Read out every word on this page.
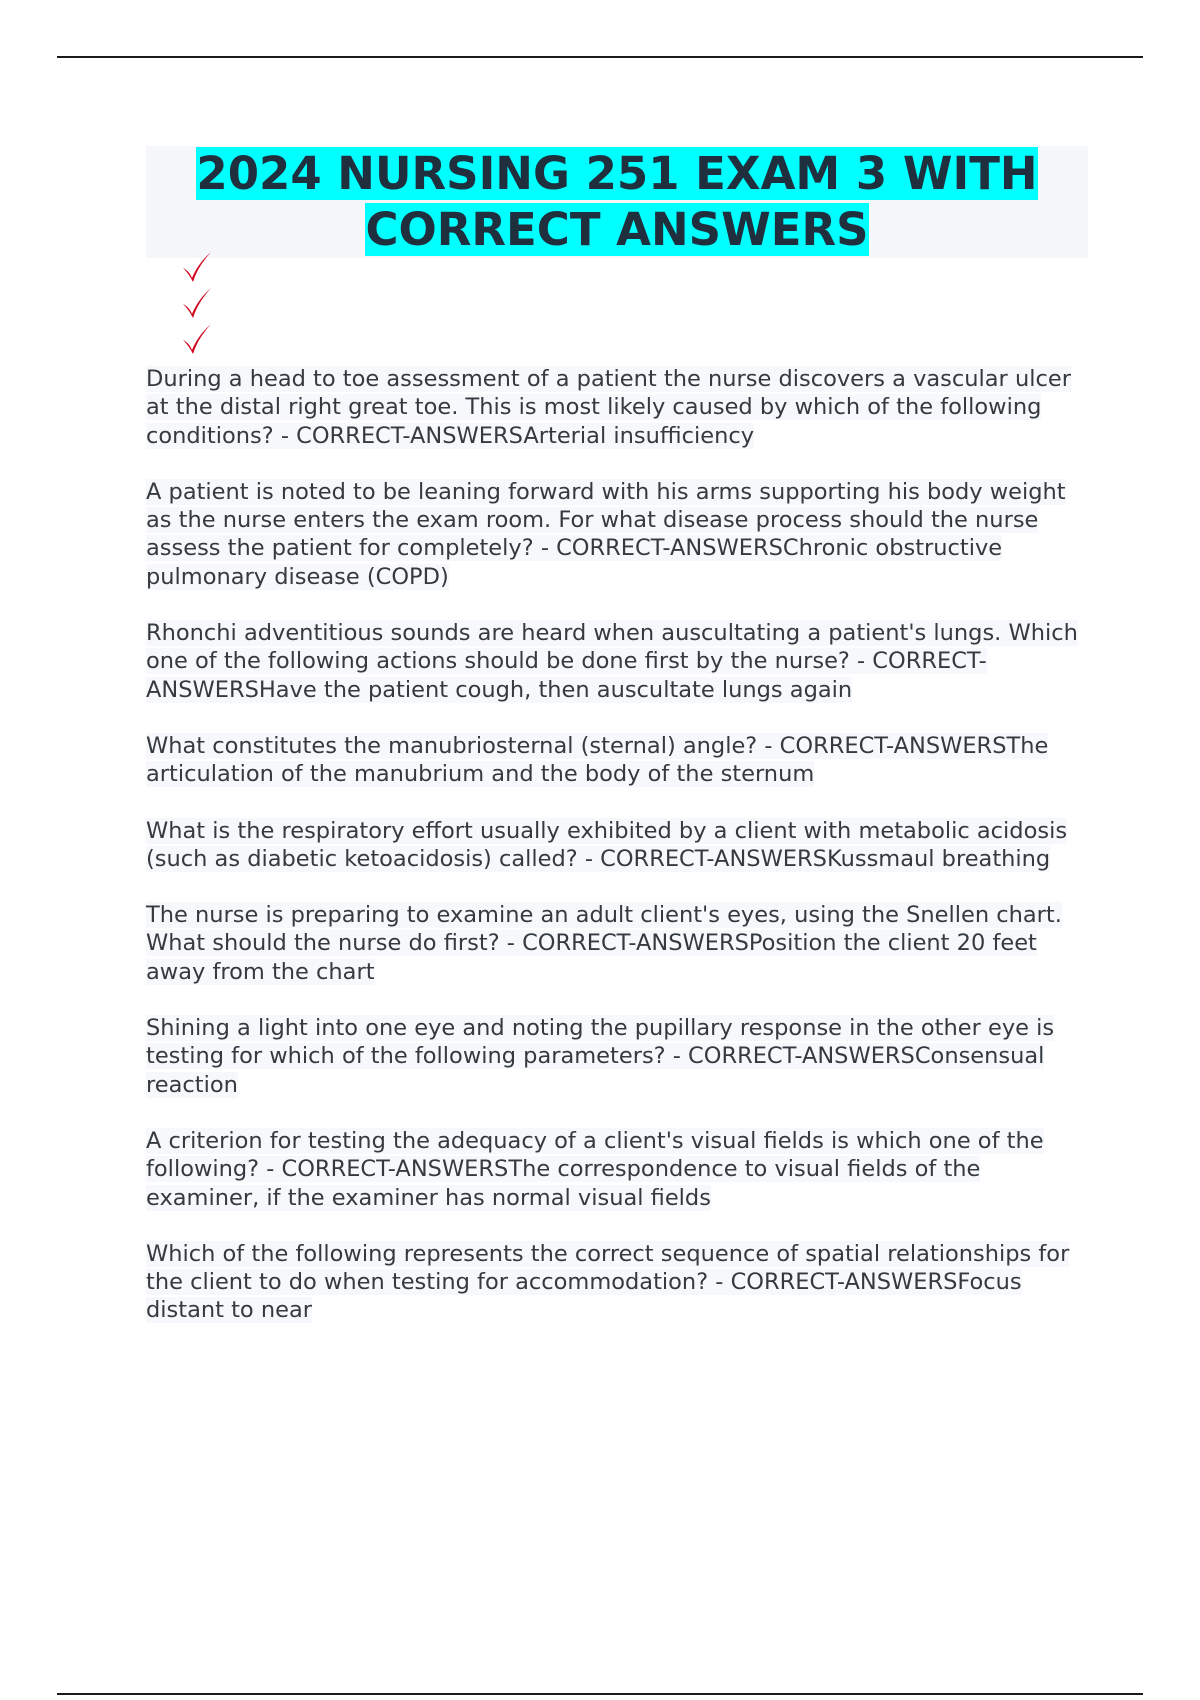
2024 NURSING 251 EXAM 3 WITH
CORRECT ANSWERS

During a head to toe assessment of a patient the nurse discovers a vascular ulcer at the distal right great toe. This is most likely caused by which of the following conditions? - CORRECT-ANSWERSArterial insufficiency

A patient is noted to be leaning forward with his arms supporting his body weight as the nurse enters the exam room. For what disease process should the nurse assess the patient for completely? - CORRECT-ANSWERSChronic obstructive pulmonary disease (COPD)

Rhonchi adventitious sounds are heard when auscultating a patient's lungs. Which one of the following actions should be done first by the nurse? - CORRECT-ANSWERSHave the patient cough, then auscultate lungs again

What constitutes the manubriosternal (sternal) angle? - CORRECT-ANSWERSThe articulation of the manubrium and the body of the sternum

What is the respiratory effort usually exhibited by a client with metabolic acidosis (such as diabetic ketoacidosis) called? - CORRECT-ANSWERSKussmaul breathing

The nurse is preparing to examine an adult client's eyes, using the Snellen chart. What should the nurse do first? - CORRECT-ANSWERSPosition the client 20 feet away from the chart

Shining a light into one eye and noting the pupillary response in the other eye is testing for which of the following parameters? - CORRECT-ANSWERSConsensual reaction

A criterion for testing the adequacy of a client's visual fields is which one of the following? - CORRECT-ANSWERSThe correspondence to visual fields of the examiner, if the examiner has normal visual fields

Which of the following represents the correct sequence of spatial relationships for the client to do when testing for accommodation? - CORRECT-ANSWERSFocus distant to near
